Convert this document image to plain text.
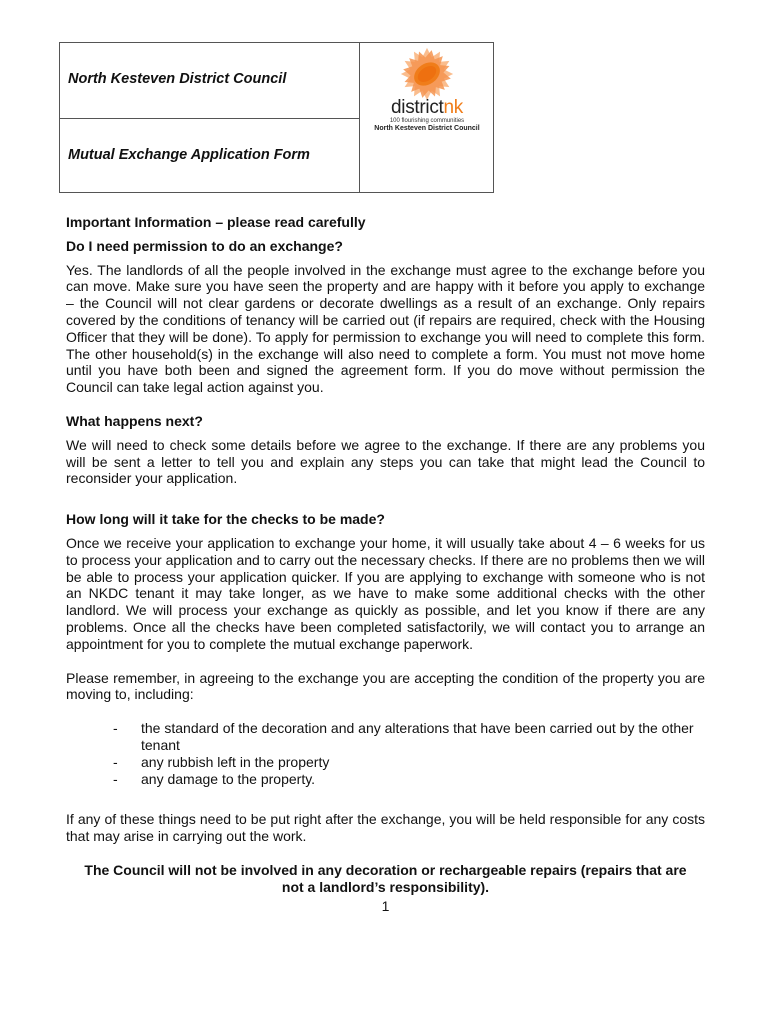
North Kesteven District Council
Mutual Exchange Application Form
districtnk
100 flourishing communities
North Kesteven District Council

Important Information – please read carefully

Do I need permission to do an exchange?

Yes. The landlords of all the people involved in the exchange must agree to the exchange before you can move. Make sure you have seen the property and are happy with it before you apply to exchange – the Council will not clear gardens or decorate dwellings as a result of an exchange. Only repairs covered by the conditions of tenancy will be carried out (if repairs are required, check with the Housing Officer that they will be done). To apply for permission to exchange you will need to complete this form. The other household(s) in the exchange will also need to complete a form. You must not move home until you have both been and signed the agreement form. If you do move without permission the Council can take legal action against you.

What happens next?

We will need to check some details before we agree to the exchange. If there are any problems you will be sent a letter to tell you and explain any steps you can take that might lead the Council to reconsider your application.

How long will it take for the checks to be made?

Once we receive your application to exchange your home, it will usually take about 4 – 6 weeks for us to process your application and to carry out the necessary checks. If there are no problems then we will be able to process your application quicker. If you are applying to exchange with someone who is not an NKDC tenant it may take longer, as we have to make some additional checks with the other landlord. We will process your exchange as quickly as possible, and let you know if there are any problems. Once all the checks have been completed satisfactorily, we will contact you to arrange an appointment for you to complete the mutual exchange paperwork.

Please remember, in agreeing to the exchange you are accepting the condition of the property you are moving to, including:

- the standard of the decoration and any alterations that have been carried out by the other tenant
- any rubbish left in the property
- any damage to the property.

If any of these things need to be put right after the exchange, you will be held responsible for any costs that may arise in carrying out the work.

The Council will not be involved in any decoration or rechargeable repairs (repairs that are not a landlord’s responsibility).

1
